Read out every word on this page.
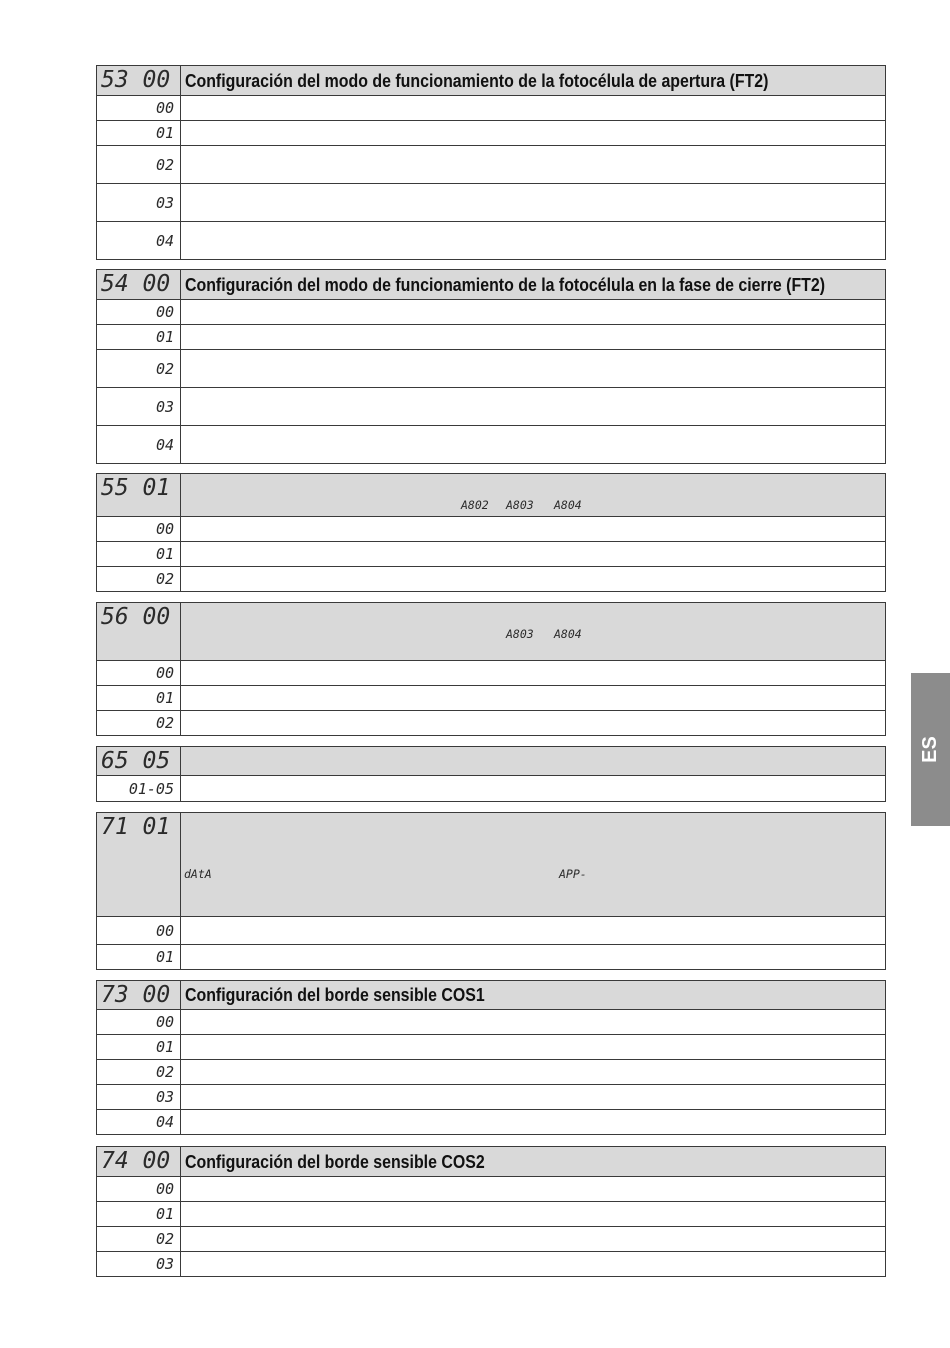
53 00	Configuración del modo de funcionamiento de la fotocélula de apertura (FT2)
00	
01	
02	
03	
04	
54 00	Configuración del modo de funcionamiento de la fotocélula en la fase de cierre (FT2)
00	
01	
02	
03	
04	
55 01	A802 A803 A804

00	
01	
02	
56 00	A803 A804

00	
01	
02	
65 05	
01-05	
71 01	dAtA APP-

00	
01	
73 00	Configuración del borde sensible COS1
00	
01	
02	
03	
04	
74 00	Configuración del borde sensible COS2
00	
01	
02	
03	
ES
